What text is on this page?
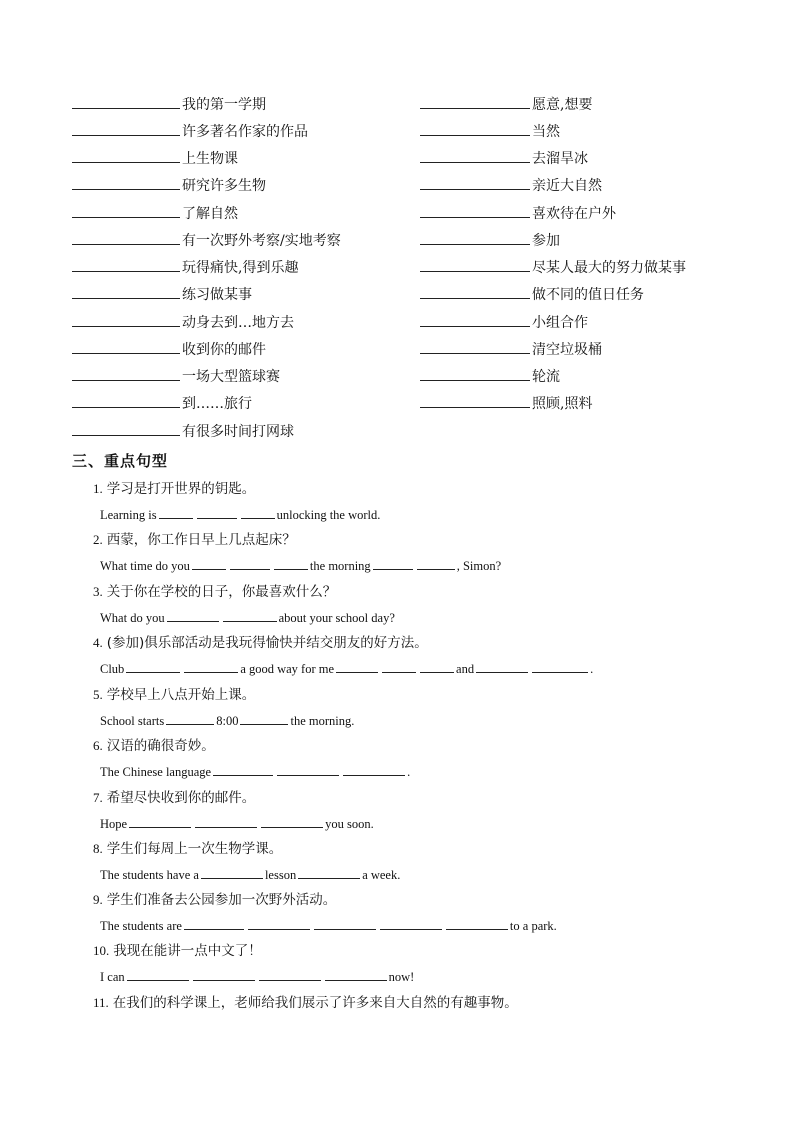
我的第一学期
许多著名作家的作品
上生物课
研究许多生物
了解自然
有一次野外考察/实地考察
玩得痛快,得到乐趣
练习做某事
动身去到…地方去
收到你的邮件
一场大型篮球赛
到……旅行
有很多时间打网球
愿意,想要
当然
去溜旱冰
亲近大自然
喜欢待在户外
参加
尽某人最大的努力做某事
做不同的值日任务
小组合作
清空垃圾桶
轮流
照顾,照料
三、重点句型
1. 学习是打开世界的钥匙。
Learning is	unlocking the world.
2. 西蒙，你工作日早上几点起床？
What time do you	the morning	, Simon?
3. 关于你在学校的日子，你最喜欢什么？
What do you	about your school day?
4. (参加)俱乐部活动是我玩得愉快并结交朋友的好方法。
Club	a good way for me	and	.
5. 学校早上八点开始上课。
School starts	8:00	the morning.
6. 汉语的确很奇妙。
The Chinese language	.
7. 希望尽快收到你的邮件。
Hope	you soon.
8. 学生们每周上一次生物学课。
The students have a	lesson	a week.
9. 学生们准备去公园参加一次野外活动。
The students are	to a park.
10. 我现在能讲一点中文了！
I can	now!
11. 在我们的科学课上，老师给我们展示了许多来自大自然的有趣事物。
